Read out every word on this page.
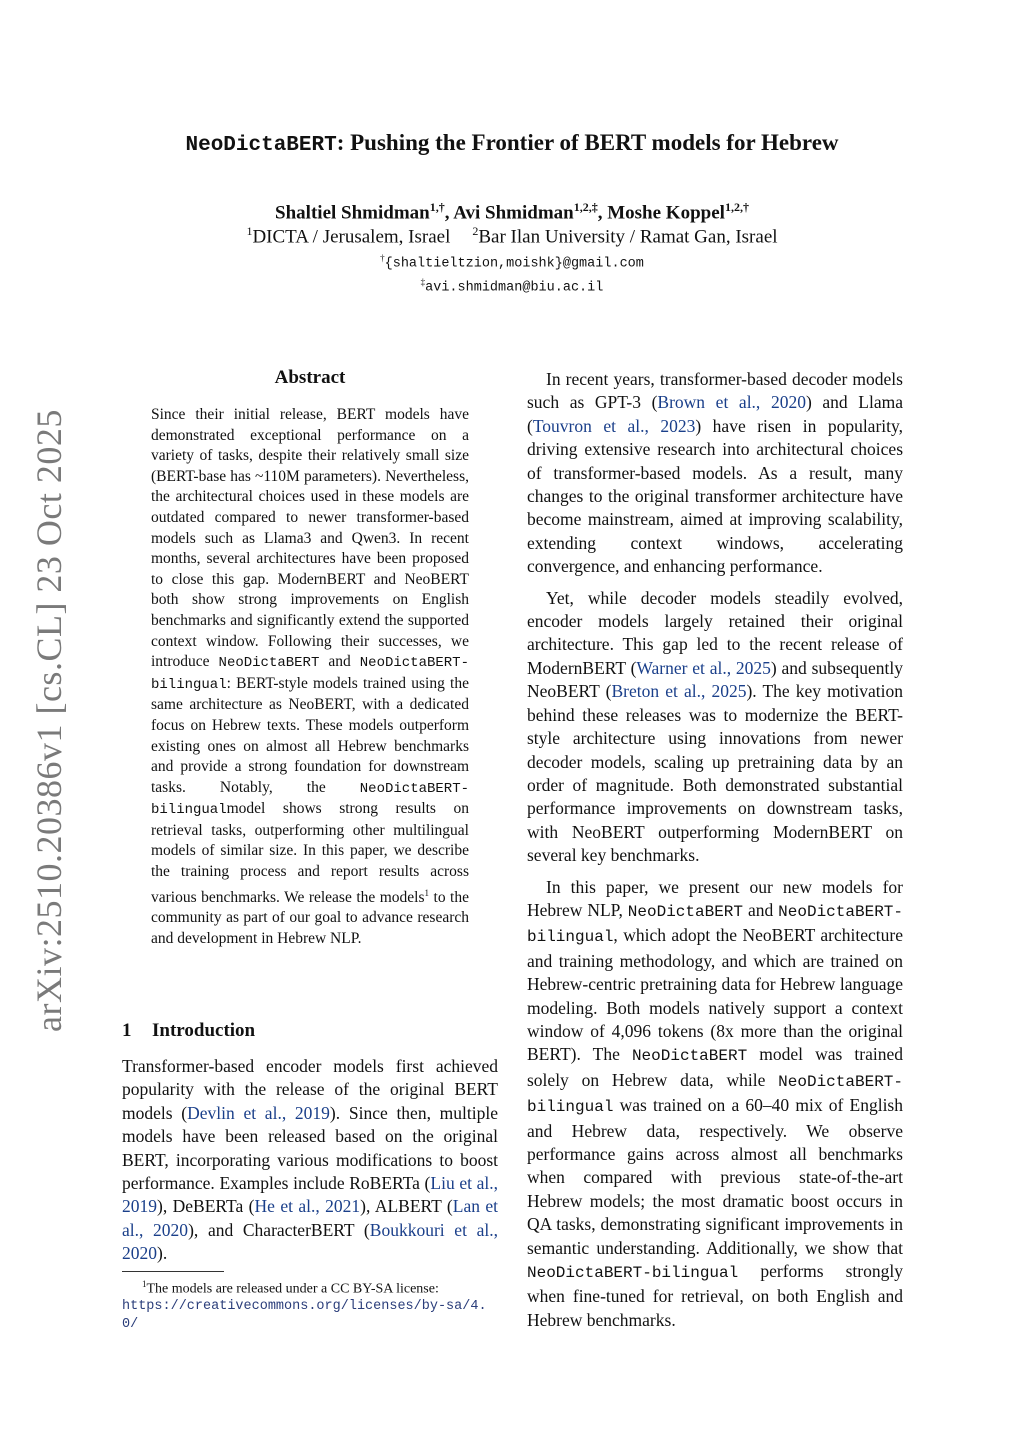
arXiv:2510.20386v1 [cs.CL] 23 Oct 2025
NeoDictaBERT: Pushing the Frontier of BERT models for Hebrew
Shaltiel Shmidman$^{1,\dagger}$, Avi Shmidman$^{1,2,\ddagger}$, Moshe Koppel$^{1,2,\dagger}$
$^1$DICTA / Jerusalem, Israel $^2$Bar Ilan University / Ramat Gan, Israel
†{shaltieltzion,moishk}@gmail.com
‡avi.shmidman@biu.ac.il
Abstract
Since their initial release, BERT models have demonstrated exceptional performance on a variety of tasks, despite their relatively small size (BERT-base has ~110M parameters). Nevertheless, the architectural choices used in these models are outdated compared to newer transformer-based models such as Llama3 and Qwen3. In recent months, several architectures have been proposed to close this gap. ModernBERT and NeoBERT both show strong improvements on English benchmarks and significantly extend the supported context window. Following their successes, we introduce NeoDictaBERT and NeoDictaBERT-bilingual: BERT-style models trained using the same architecture as NeoBERT, with a dedicated focus on Hebrew texts. These models outperform existing ones on almost all Hebrew benchmarks and provide a strong foundation for downstream tasks. Notably, the NeoDictaBERT-bilingualmodel shows strong results on retrieval tasks, outperforming other multilingual models of similar size. In this paper, we describe the training process and report results across various benchmarks. We release the models$^1$ to the community as part of our goal to advance research and development in Hebrew NLP.
1 Introduction
Transformer-based encoder models first achieved popularity with the release of the original BERT models (Devlin et al., 2019). Since then, multiple models have been released based on the original BERT, incorporating various modifications to boost performance. Examples include RoBERTa (Liu et al., 2019), DeBERTa (He et al., 2021), ALBERT (Lan et al., 2020), and CharacterBERT (Boukkouri et al., 2020).
$^1$The models are released under a CC BY-SA license:
https://creativecommons.org/licenses/by-sa/4.0/

In recent years, transformer-based decoder models such as GPT-3 (Brown et al., 2020) and Llama (Touvron et al., 2023) have risen in popularity, driving extensive research into architectural choices of transformer-based models. As a result, many changes to the original transformer architecture have become mainstream, aimed at improving scalability, extending context windows, accelerating convergence, and enhancing performance.

Yet, while decoder models steadily evolved, encoder models largely retained their original architecture. This gap led to the recent release of ModernBERT (Warner et al., 2025) and subsequently NeoBERT (Breton et al., 2025). The key motivation behind these releases was to modernize the BERT-style architecture using innovations from newer decoder models, scaling up pretraining data by an order of magnitude. Both demonstrated substantial performance improvements on downstream tasks, with NeoBERT outperforming ModernBERT on several key benchmarks.

In this paper, we present our new models for Hebrew NLP, NeoDictaBERT and NeoDictaBERT-bilingual, which adopt the NeoBERT architecture and training methodology, and which are trained on Hebrew-centric pretraining data for Hebrew language modeling. Both models natively support a context window of 4,096 tokens (8x more than the original BERT). The NeoDictaBERT model was trained solely on Hebrew data, while NeoDictaBERT-bilingual was trained on a 60–40 mix of English and Hebrew data, respectively. We observe performance gains across almost all benchmarks when compared with previous state-of-the-art Hebrew models; the most dramatic boost occurs in QA tasks, demonstrating significant improvements in semantic understanding. Additionally, we show that NeoDictaBERT-bilingual performs strongly when fine-tuned for retrieval, on both English and Hebrew benchmarks.
